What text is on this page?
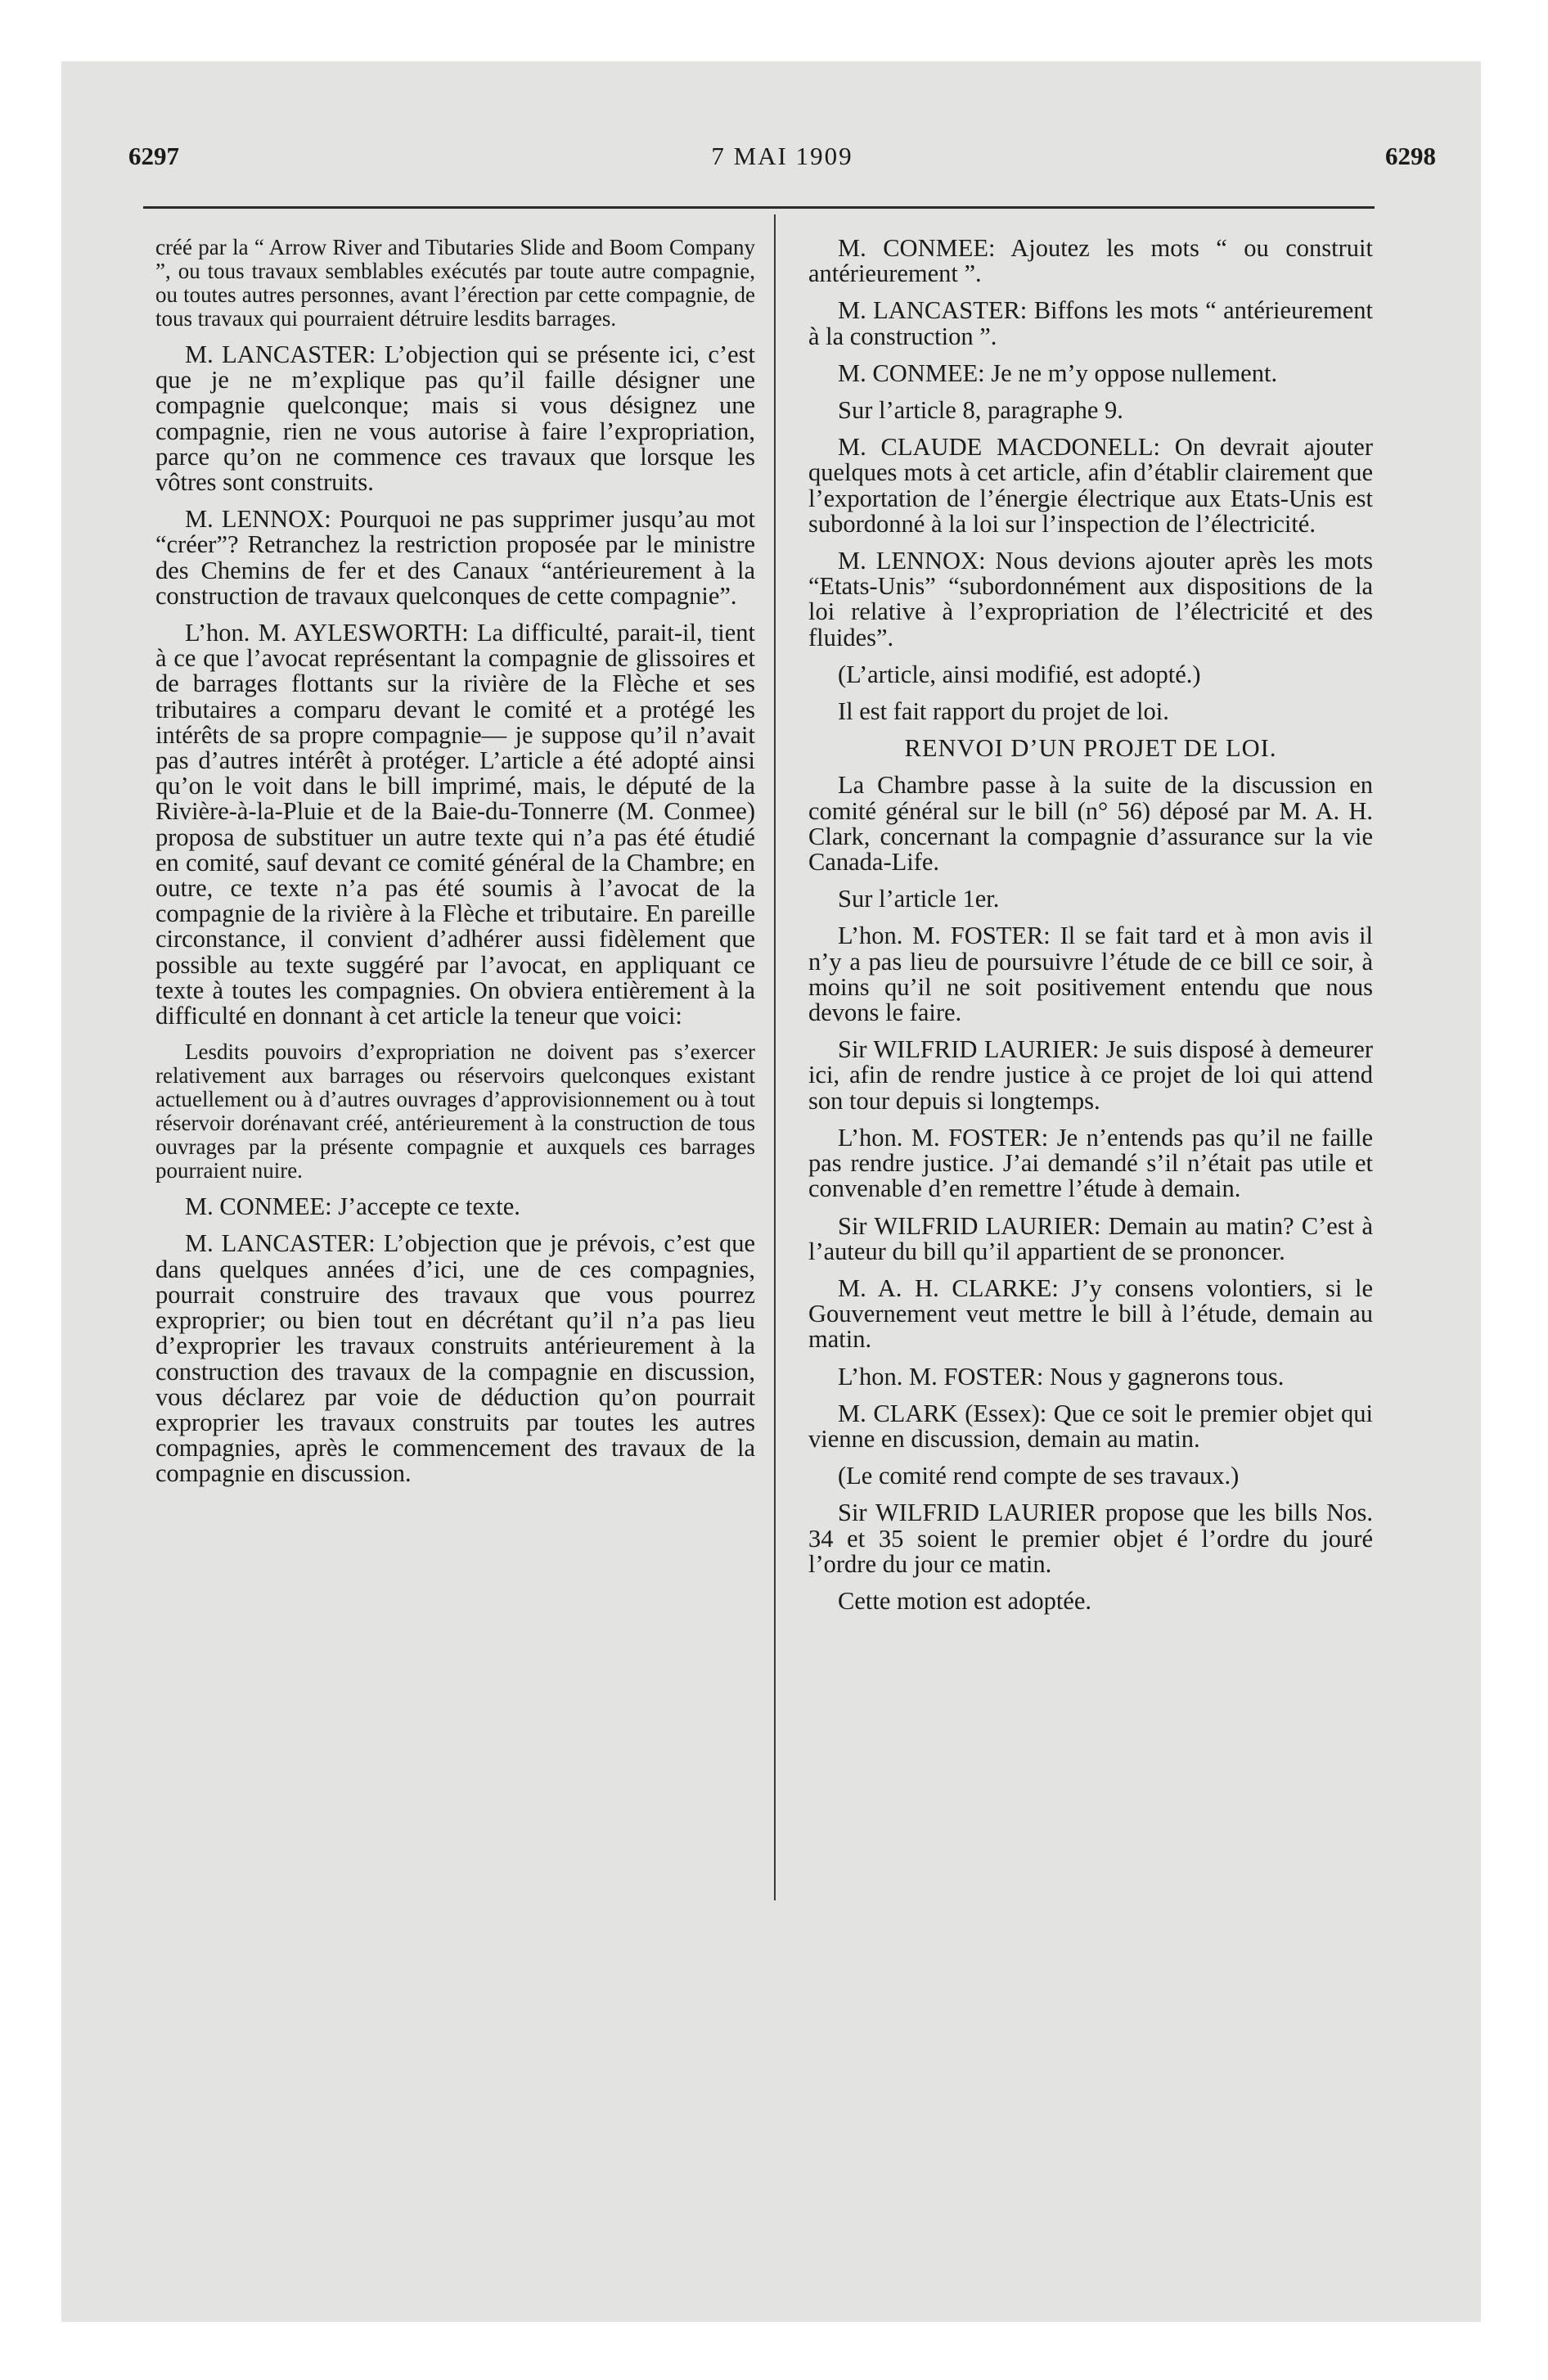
6297	7 MAI 1909	6298

créé par la “ Arrow River and Tibutaries Slide and Boom Company ”, ou tous travaux semblables exécutés par toute autre compagnie, ou toutes autres personnes, avant l’érection par cette compagnie, de tous travaux qui pourraient détruire lesdits barrages.

M. LANCASTER: L’objection qui se présente ici, c’est que je ne m’explique pas qu’il faille désigner une compagnie quelconque; mais si vous désignez une compagnie, rien ne vous autorise à faire l’expropriation, parce qu’on ne commence ces travaux que lorsque les vôtres sont construits.

M. LENNOX: Pourquoi ne pas supprimer jusqu’au mot “créer”? Retranchez la restriction proposée par le ministre des Chemins de fer et des Canaux “antérieurement à la construction de travaux quelconques de cette compagnie”.

L’hon. M. AYLESWORTH: La difficulté, parait-il, tient à ce que l’avocat représentant la compagnie de glissoires et de barrages flottants sur la rivière de la Flèche et ses tributaires a comparu devant le comité et a protégé les intérêts de sa propre compagnie— je suppose qu’il n’avait pas d’autres intérêt à protéger. L’article a été adopté ainsi qu’on le voit dans le bill imprimé, mais, le député de la Rivière-à-la-Pluie et de la Baie-du-Tonnerre (M. Conmee) proposa de substituer un autre texte qui n’a pas été étudié en comité, sauf devant ce comité général de la Chambre; en outre, ce texte n’a pas été soumis à l’avocat de la compagnie de la rivière à la Flèche et tributaire. En pareille circonstance, il convient d’adhérer aussi fidèlement que possible au texte suggéré par l’avocat, en appliquant ce texte à toutes les compagnies. On obviera entièrement à la difficulté en donnant à cet article la teneur que voici:

Lesdits pouvoirs d’expropriation ne doivent pas s’exercer relativement aux barrages ou réservoirs quelconques existant actuellement ou à d’autres ouvrages d’approvisionnement ou à tout réservoir dorénavant créé, antérieurement à la construction de tous ouvrages par la présente compagnie et auxquels ces barrages pourraient nuire.

M. CONMEE: J’accepte ce texte.

M. LANCASTER: L’objection que je prévois, c’est que dans quelques années d’ici, une de ces compagnies, pourrait construire des travaux que vous pourrez exproprier; ou bien tout en décrétant qu’il n’a pas lieu d’exproprier les travaux construits antérieurement à la construction des travaux de la compagnie en discussion, vous déclarez par voie de déduction qu’on pourrait exproprier les travaux construits par toutes les autres compagnies, après le commencement des travaux de la compagnie en discussion.

M. CONMEE: Ajoutez les mots “ ou construit antérieurement ”.

M. LANCASTER: Biffons les mots “ antérieurement à la construction ”.

M. CONMEE: Je ne m’y oppose nullement.

Sur l’article 8, paragraphe 9.

M. CLAUDE MACDONELL: On devrait ajouter quelques mots à cet article, afin d’établir clairement que l’exportation de l’énergie électrique aux Etats-Unis est subordonné à la loi sur l’inspection de l’électricité.

M. LENNOX: Nous devions ajouter après les mots “Etats-Unis” “subordonnément aux dispositions de la loi relative à l’expropriation de l’électricité et des fluides”.

(L’article, ainsi modifié, est adopté.)

Il est fait rapport du projet de loi.

RENVOI D’UN PROJET DE LOI.

La Chambre passe à la suite de la discussion en comité général sur le bill (n° 56) déposé par M. A. H. Clark, concernant la compagnie d’assurance sur la vie Canada-Life.

Sur l’article 1er.

L’hon. M. FOSTER: Il se fait tard et à mon avis il n’y a pas lieu de poursuivre l’étude de ce bill ce soir, à moins qu’il ne soit positivement entendu que nous devons le faire.

Sir WILFRID LAURIER: Je suis disposé à demeurer ici, afin de rendre justice à ce projet de loi qui attend son tour depuis si longtemps.

L’hon. M. FOSTER: Je n’entends pas qu’il ne faille pas rendre justice. J’ai demandé s’il n’était pas utile et convenable d’en remettre l’étude à demain.

Sir WILFRID LAURIER: Demain au matin? C’est à l’auteur du bill qu’il appartient de se prononcer.

M. A. H. CLARKE: J’y consens volontiers, si le Gouvernement veut mettre le bill à l’étude, demain au matin.

L’hon. M. FOSTER: Nous y gagnerons tous.

M. CLARK (Essex): Que ce soit le premier objet qui vienne en discussion, demain au matin.

(Le comité rend compte de ses travaux.)

Sir WILFRID LAURIER propose que les bills Nos. 34 et 35 soient le premier objet é l’ordre du jouré l’ordre du jour ce matin.

Cette motion est adoptée.
